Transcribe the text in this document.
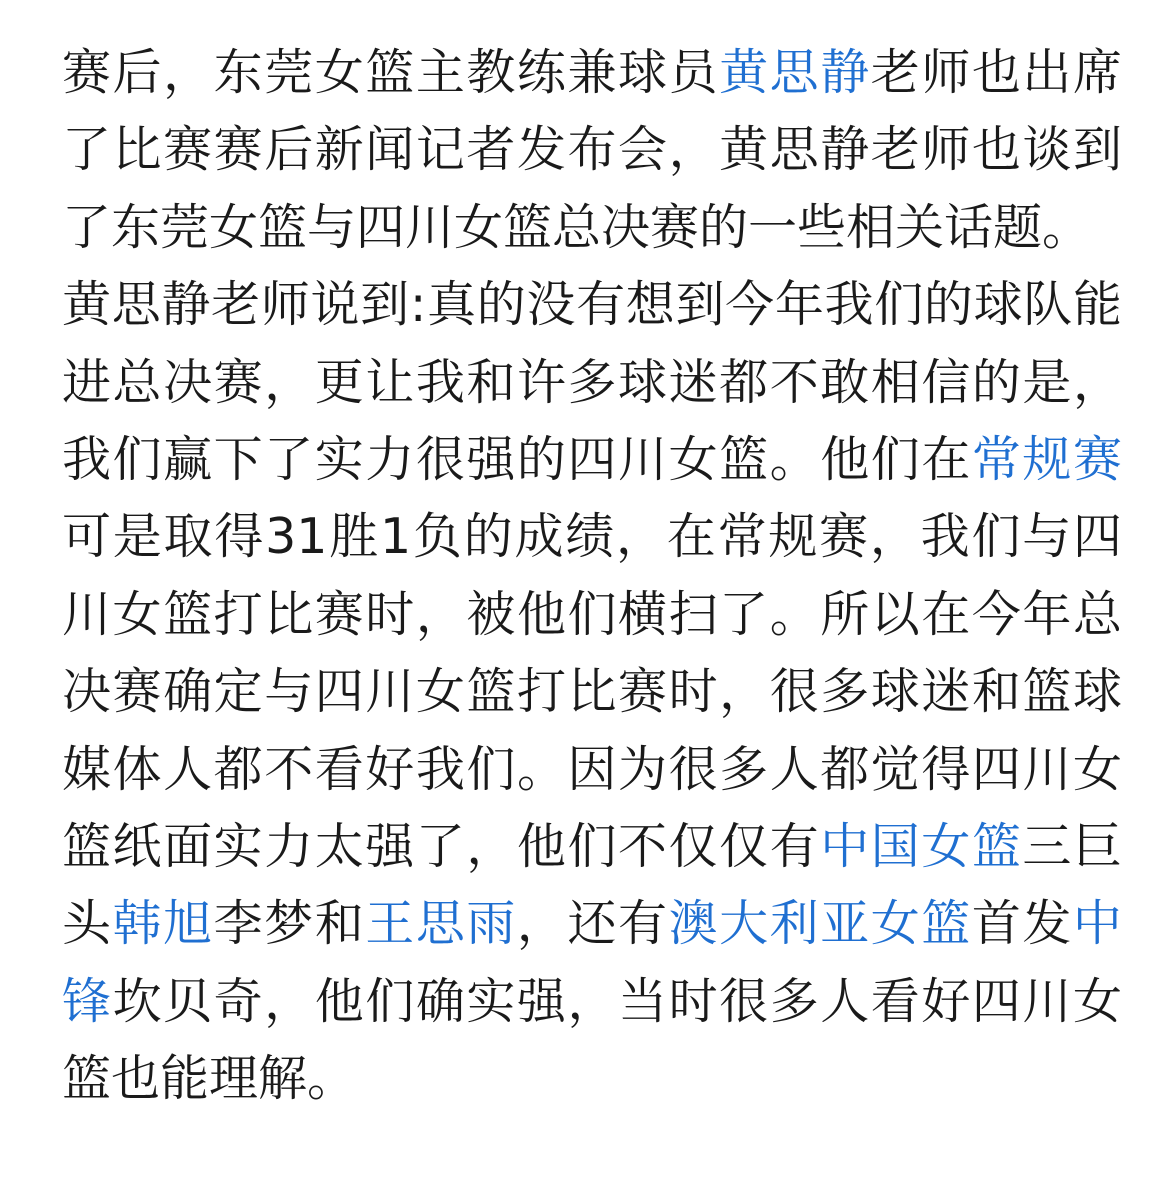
赛后，东莞女篮主教练兼球员黄思静老师也出席了比赛赛后新闻记者发布会，黄思静老师也谈到了东莞女篮与四川女篮总决赛的一些相关话题。

黄思静老师说到:真的没有想到今年我们的球队能进总决赛，更让我和许多球迷都不敢相信的是，我们赢下了实力很强的四川女篮。他们在常规赛可是取得31胜1负的成绩，在常规赛，我们与四川女篮打比赛时，被他们横扫了。所以在今年总决赛确定与四川女篮打比赛时，很多球迷和篮球媒体人都不看好我们。因为很多人都觉得四川女篮纸面实力太强了，他们不仅仅有中国女篮三巨头韩旭李梦和王思雨，还有澳大利亚女篮首发中锋坎贝奇，他们确实强，当时很多人看好四川女篮也能理解。
